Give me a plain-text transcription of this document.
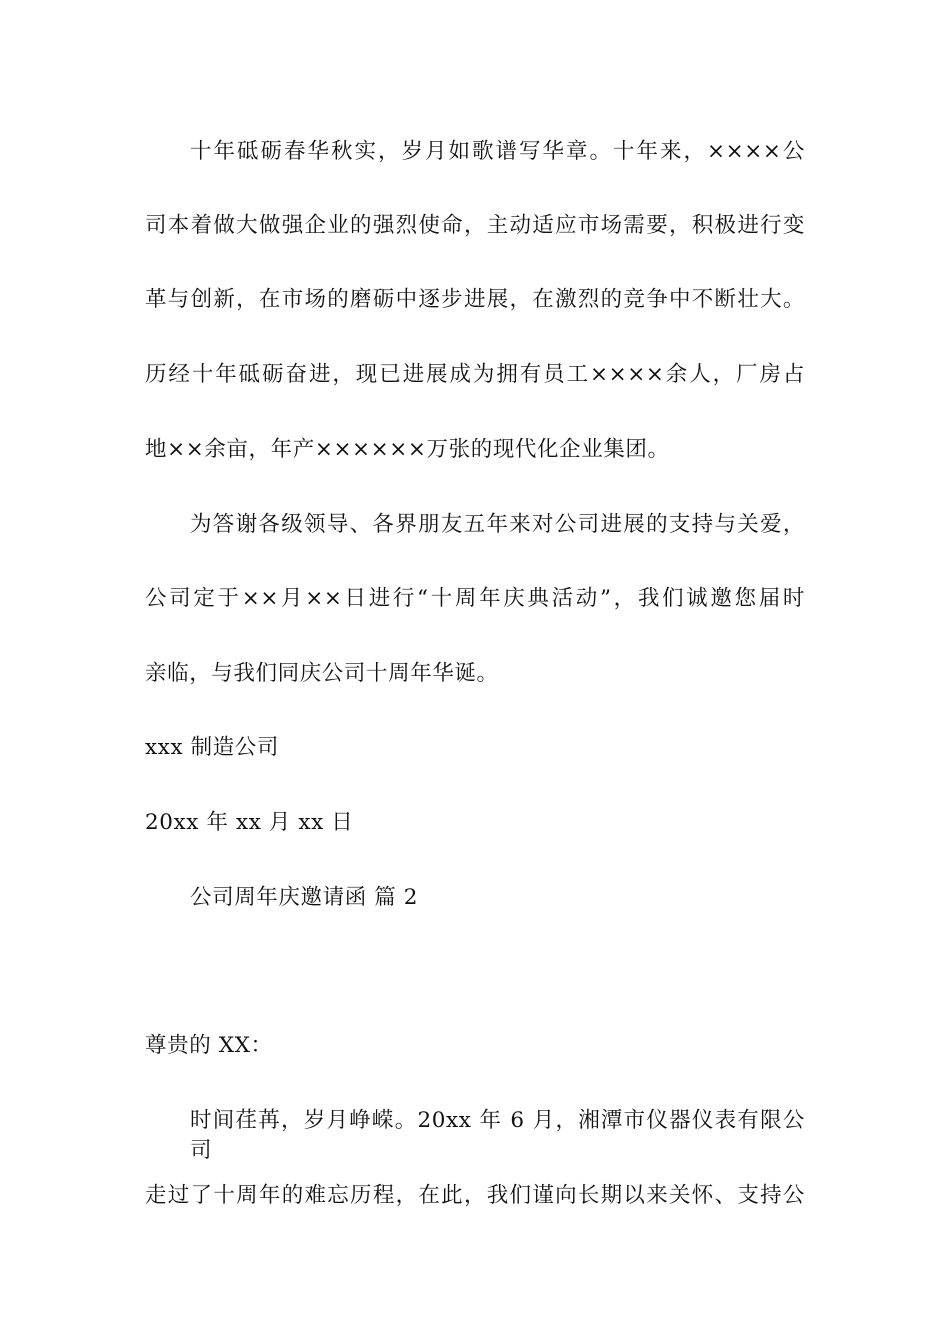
十年砥砺春华秋实，岁月如歌谱写华章。十年来，××××公
司本着做大做强企业的强烈使命，主动适应市场需要，积极进行变
革与创新，在市场的磨砺中逐步进展，在激烈的竞争中不断壮大。
历经十年砥砺奋进，现已进展成为拥有员工××××余人，厂房占
地××余亩，年产××××××万张的现代化企业集团。
为答谢各级领导、各界朋友五年来对公司进展的支持与关爱，
公司定于××月××日进行“十周年庆典活动”，我们诚邀您届时
亲临，与我们同庆公司十周年华诞。
xxx 制造公司
20xx 年 xx 月 xx 日
公司周年庆邀请函 篇 2
尊贵的 XX：
时间荏苒，岁月峥嵘。20xx 年 6 月，湘潭市仪器仪表有限公司
走过了十周年的难忘历程，在此，我们谨向长期以来关怀、支持公
